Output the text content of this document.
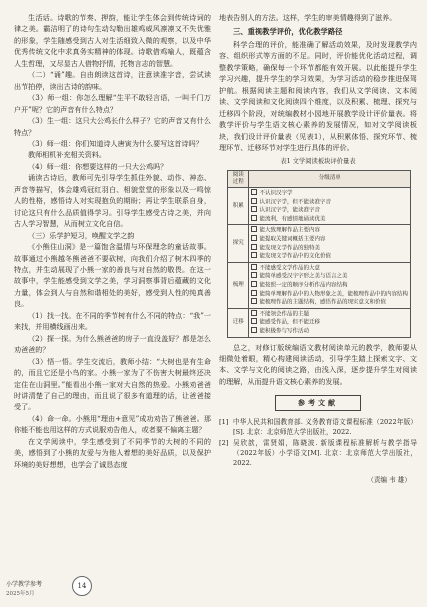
生活话。诗歌的节奏、押韵，能让学生体会到传统诗词的律之美。霸洁明了的诗句生动勾勒出雄鸡威风凛凛又不失优雅的形象，学生随感受到古人对生活细致入微的观察，以及中华优秀传统文化中求真务实精神的体现。诗歌借鸡喻人，既蕴含人生哲理，又尽显古人借物抒情，托物言志的智慧。

（二）“诵”趣。自由朗读这首诗，注意读准字音，尝试读出节拍停，读出古诗的韵味。

（3）师一组：你怎么理解“生平不敢轻言语，一叫千门万户开”呢？它的声音有什么特点？

（3）生一组：这只大公鸡长什么样子？它的声音又有什么特点？

（3）师一组：你们知道诗人唐寅为什么要写这首诗吗？

教师相机补充相关资料。

（4）师一组：你想要这样的一只大公鸡吗？

诵读古诗后，教师可先引导学生抓住外貌、动作、神态、声音等描写，体会雄鸡冠红羽白、相貌堂堂的形象以及一鸣惊人的性格，感悟诗人对实现抱负的期盼；再让学生联系自身，讨论这只有什么品质值得学习。引导学生感受古诗之美，并向古人学习智慧，从而树立文化自信。

（三）乐学护短习，唤醒文学之韵

《小熊住山洞》是一篇饱含温情与环保理念的童话故事。故事通过小熊越冬熊爸爸不要砍树，向我们介绍了树木四季的特点，并生动展现了小熊一家的善良与对自然的敬畏。在这一故事中，学生能感受到文学之美，学习洞察事背后蕴藏的文化力量，体会到人与自然和谐相处的美好，感受到人性的纯真善良。

（1）找一找。在不同的季节树有什么不同的特点：“我”一来找，并用横线画出来。

（2）探一探。为什么熊爸爸的房子一直没盖好？都是怎么劝爸爸的？

（3）悟一悟。学生交流后，教师小结：“大树也是有生命的，而且它还是小鸟的家。小熊一家为了不伤害大树最终还决定住在山洞里。”能看出小熊一家对大自然的热爱。小熊劝爸爸时讲清楚了自己的理由，而且说了很多有道理的话，让爸爸接受了。

（4）命一命。小熊用“理由+意见”成功劝告了熊爸爸。那你能不能也用这样的方式说服劝告他人，或者要不偏离主题？

在文学阅读中，学生感受到了不同季节的大树的不同的美，感悟到了小熊的友爱与为他人着想的美好品质，以及保护环境的美好想想，也学会了诚恳态度

地表告别人的方法。这样，学生的审美情趣得到了滋养。

三、重视教学评价，优化教学路径

科学合理的评价，能准确了解活动效果，及时发现教学内容、组织形式等方面的不足。同时，评价能优化活动过程，调整教学策略，确保每一个环节都能有效开展。以此能提升学生学习兴趣，提升学生的学习效果，为学习活动的稳步推进保驾护航。根据阅读主题和阅读内容，我们从文学阅读、文本阅读、文学阅读和文化阅读四个维度，以及积累、梳理、探究与迁移四个阶段，对统编教材小园地开展教学设计评价量表。将教学评价与学生语文核心素养的发展情况，如对文学阅读板块，我们设计评价量表（见表1），从积累体悟、探究环节、梳理环节、迁移环节对学生进行具体的评价。

表1 文学阅读板块评价量表
阅读过程	分级清单
积累	不认识汉字学
认识汉字学，但不能读准字音
认识汉字学，能读准字音
能流利，有感情地诵读优美

探究	能大致理解作品主要内容
能提取关键词概括主要内容
能发现文学作品的独特美
能发现文学作品中的文化价值

梳理	不能感受文学作品的大意
能简单感受汉字字形之美与语言之美
能按照一定的顺序分析作品内容结构
能简单理解作品中的人物形象之美，能梳理作品中的内容结构
能梳理作品的主题结构，感悟作品的现实意义和价值

迁移	不能领会作品的主题
能感受作品，但不能迁移
能积极参与写作活动

总之，对修订版统编语文教材阅读单元的教学，教师要从细微处着眼，精心构建阅读活动，引导学生踏上探索文字、文本、文学与文化的阅读之路，由浅入深，逐步提升学生对阅读的理解，从而提升语文核心素养的发展。

参考文献

[1] 中华人民共和国教育部. 义务教育语文课程标准（2022年版）[S]. 北京：北京师范大学出版社，2022.

[2] 吴欣歆，雷贤娟，陈晓波. 新版课程标准解析与教学指导（2022年版）小学语文[M]. 北京：北京师范大学出版社，2022.

（责编 韦 雄）
小学教学参考
2025年5月
14
